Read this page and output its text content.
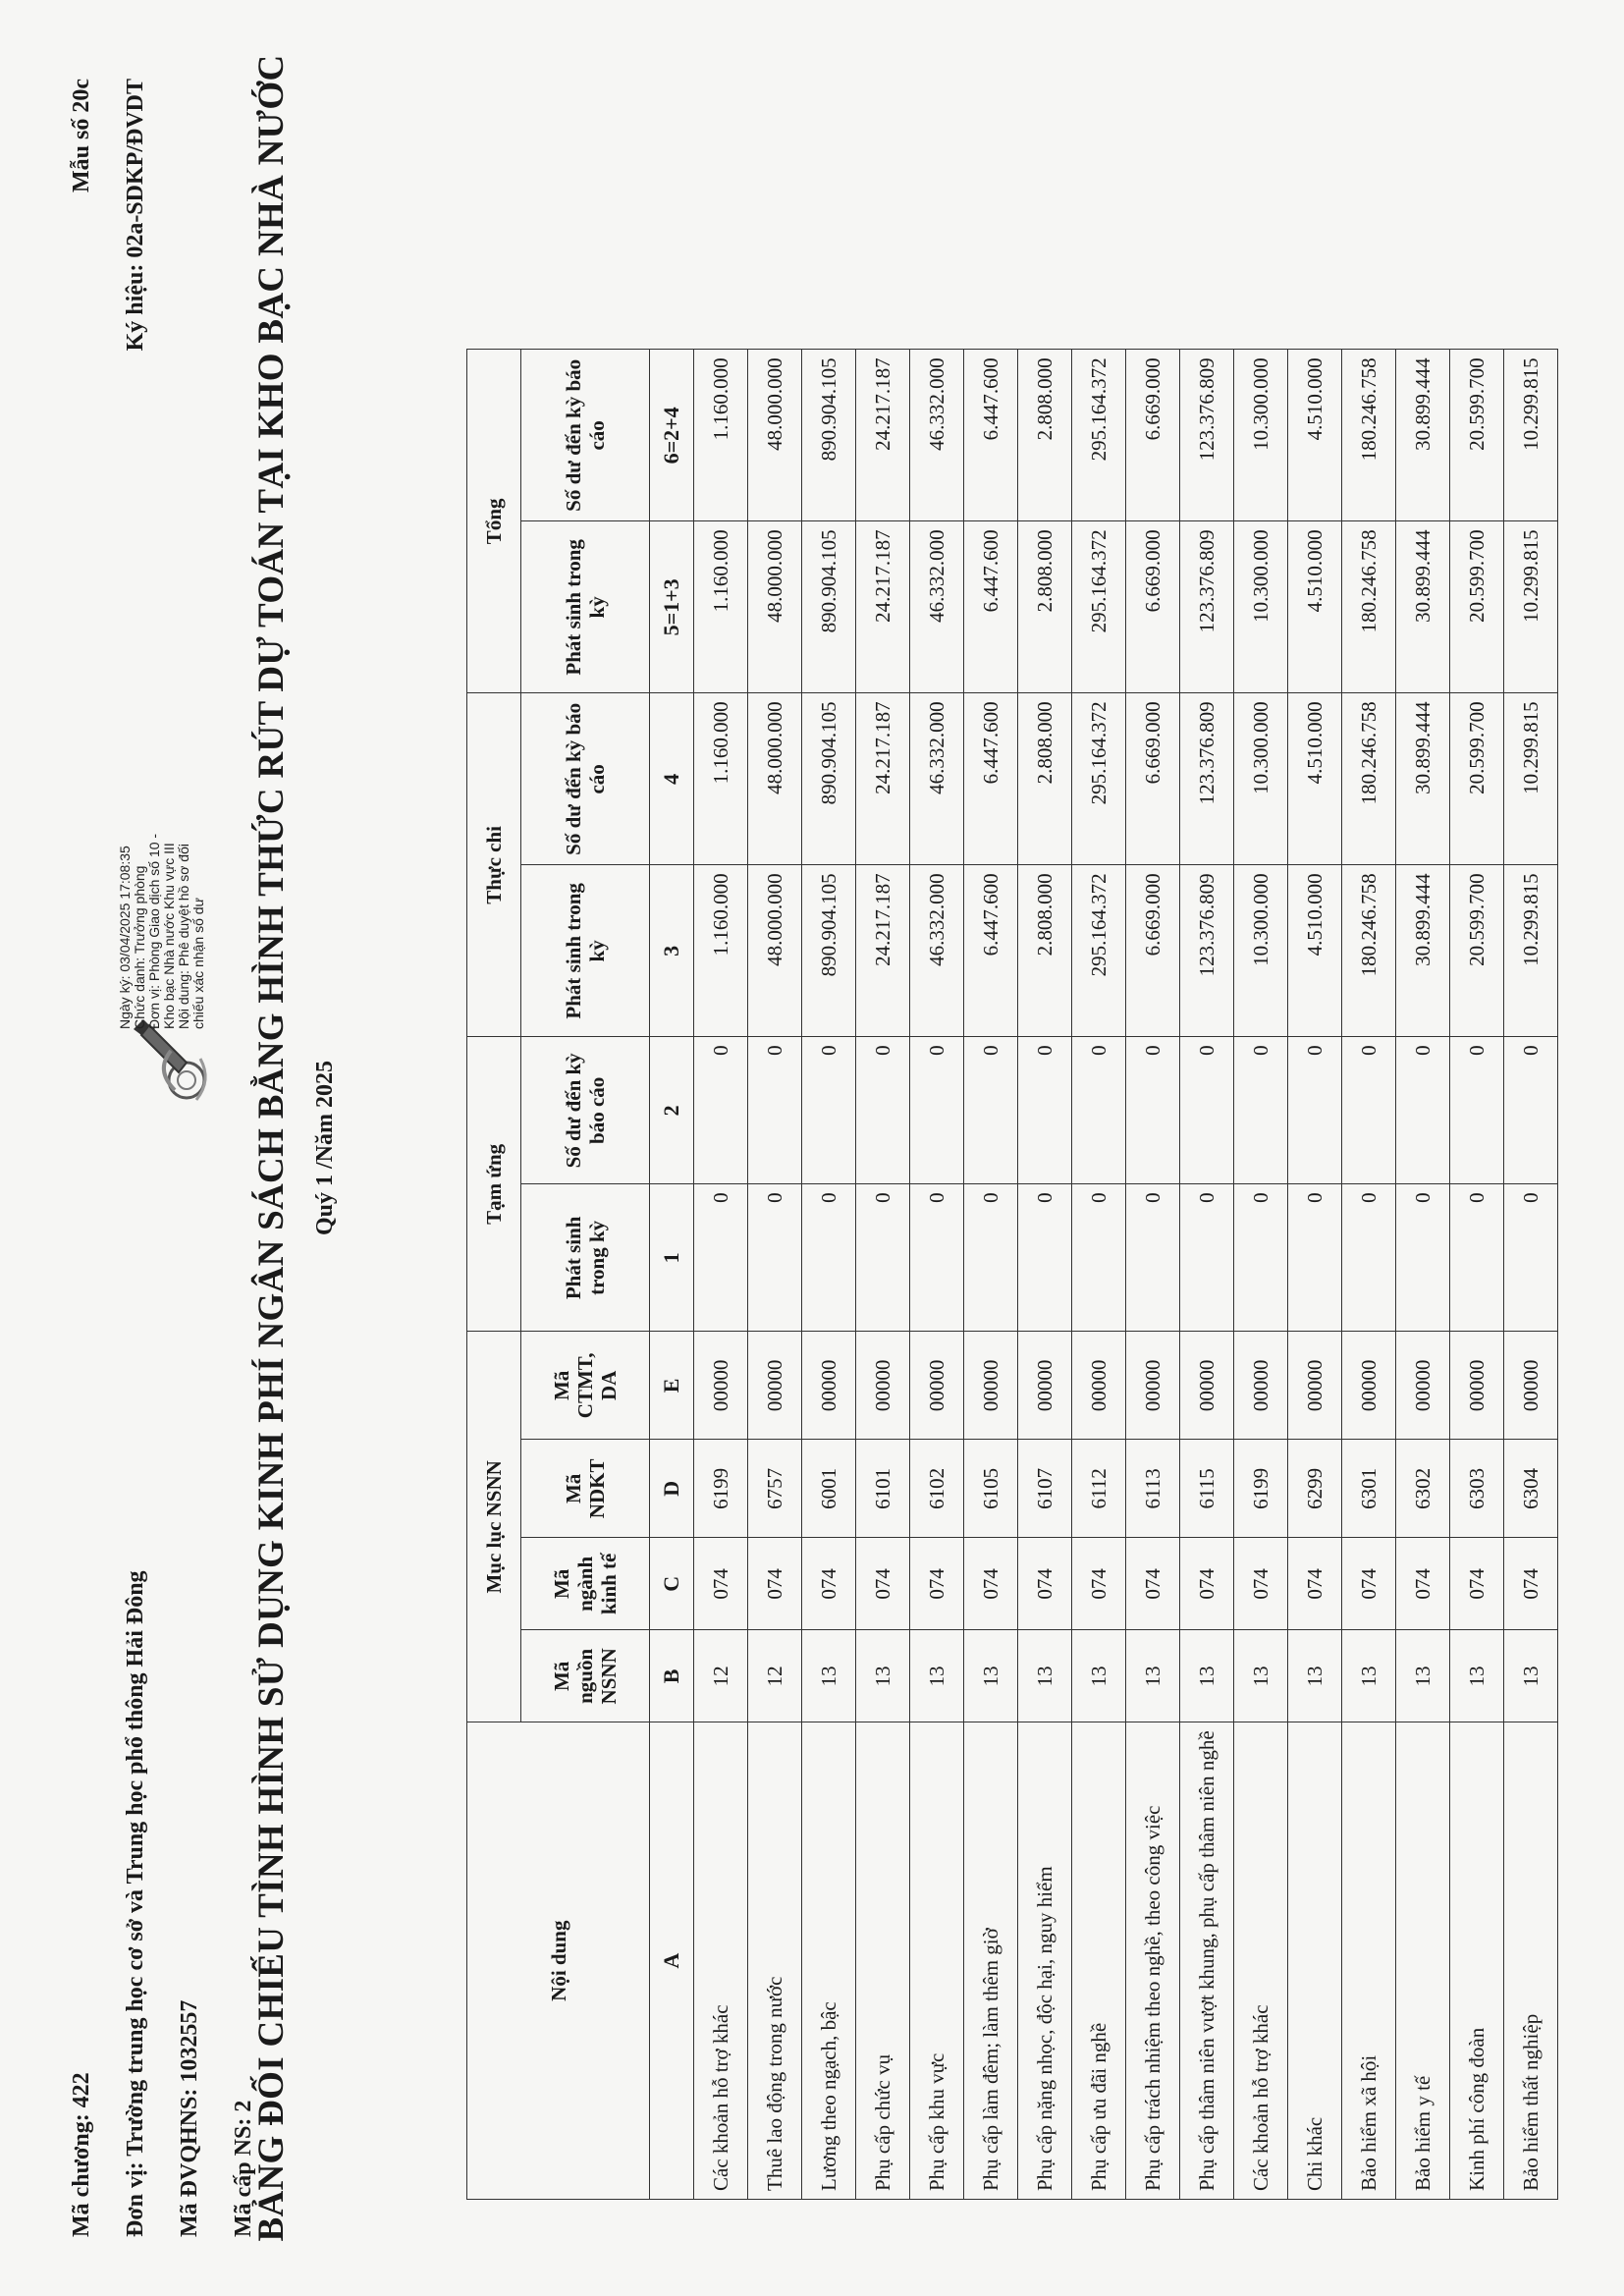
Mã chương: 422 Đơn vị: Trường trung học cơ sở và Trung học phổ thông Hải Đông Mã ĐVQHNS: 1032557 Mã cấp NS: 2
Mẫu số 20c Ký hiệu: 02a-SDKP/ĐVDT
Ngày ký: 03/04/2025 17:08:35 Chức danh: Trưởng phòng Đơn vị: Phòng Giao dịch số 10 - Kho bạc Nhà nước Khu vực III Nội dung: Phê duyệt hồ sơ đối chiếu xác nhận số dư BẢNG ĐỐI CHIẾU TÌNH HÌNH SỬ DỤNG KINH PHÍ NGÂN SÁCH BẰNG HÌNH THỨC RÚT DỰ TOÁN TẠI KHO BẠC NHÀ NƯỚC Quý 1 /Năm 2025
Nội dung	Mục lục NSNN				Tạm ứng		Thực chi		Tổng	
	Mã nguồn NSNN	Mã ngành kinh tế	Mã NDKT	Mã CTMT, DA	Phát sinh trong kỳ	Số dư đến kỳ báo cáo	Phát sinh trong kỳ	Số dư đến kỳ báo cáo	Phát sinh trong kỳ	Số dư đến kỳ báo cáo
A	B	C	D	E	1	2	3	4	5=1+3	6=2+4
Các khoản hỗ trợ khác	12	074	6199	00000	0	0	1.160.000	1.160.000	1.160.000	1.160.000
Thuê lao động trong nước	12	074	6757	00000	0	0	48.000.000	48.000.000	48.000.000	48.000.000
Lương theo ngạch, bậc	13	074	6001	00000	0	0	890.904.105	890.904.105	890.904.105	890.904.105
Phụ cấp chức vụ	13	074	6101	00000	0	0	24.217.187	24.217.187	24.217.187	24.217.187
Phụ cấp khu vực	13	074	6102	00000	0	0	46.332.000	46.332.000	46.332.000	46.332.000
Phụ cấp làm đêm; làm thêm giờ	13	074	6105	00000	0	0	6.447.600	6.447.600	6.447.600	6.447.600
Phụ cấp nặng nhọc, độc hại, nguy hiểm	13	074	6107	00000	0	0	2.808.000	2.808.000	2.808.000	2.808.000
Phụ cấp ưu đãi nghề	13	074	6112	00000	0	0	295.164.372	295.164.372	295.164.372	295.164.372
Phụ cấp trách nhiệm theo nghề, theo công việc	13	074	6113	00000	0	0	6.669.000	6.669.000	6.669.000	6.669.000
Phụ cấp thâm niên vượt khung, phụ cấp thâm niên nghề	13	074	6115	00000	0	0	123.376.809	123.376.809	123.376.809	123.376.809
Các khoản hỗ trợ khác	13	074	6199	00000	0	0	10.300.000	10.300.000	10.300.000	10.300.000
Chi khác	13	074	6299	00000	0	0	4.510.000	4.510.000	4.510.000	4.510.000
Bảo hiểm xã hội	13	074	6301	00000	0	0	180.246.758	180.246.758	180.246.758	180.246.758
Bảo hiểm y tế	13	074	6302	00000	0	0	30.899.444	30.899.444	30.899.444	30.899.444
Kinh phí công đoàn	13	074	6303	00000	0	0	20.599.700	20.599.700	20.599.700	20.599.700
Bảo hiểm thất nghiệp	13	074	6304	00000	0	0	10.299.815	10.299.815	10.299.815	10.299.815
